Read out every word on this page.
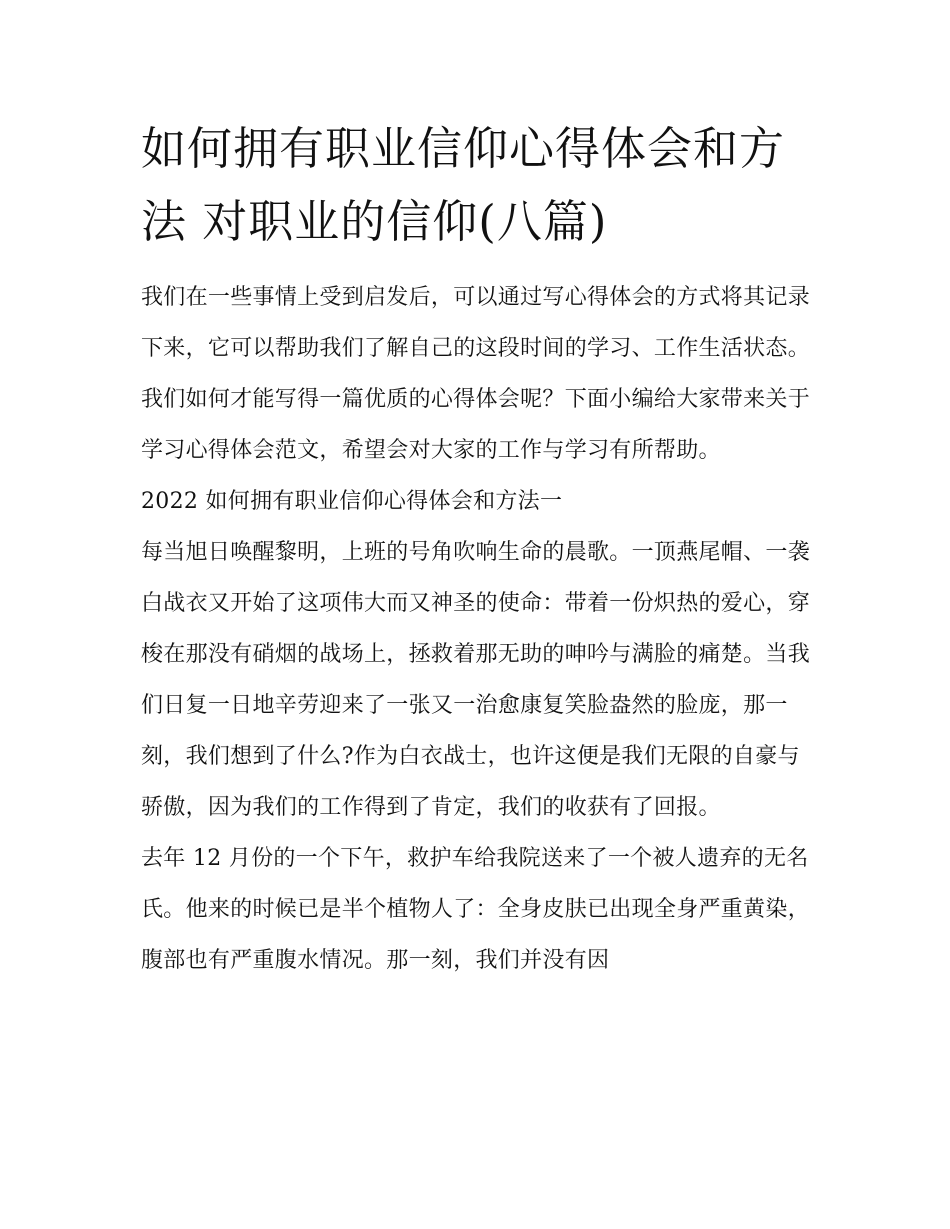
如何拥有职业信仰心得体会和方法 对职业的信仰(八篇)

我们在一些事情上受到启发后，可以通过写心得体会的方式将其记录下来，它可以帮助我们了解自己的这段时间的学习、工作生活状态。我们如何才能写得一篇优质的心得体会呢？下面小编给大家带来关于学习心得体会范文，希望会对大家的工作与学习有所帮助。

2022 如何拥有职业信仰心得体会和方法一

每当旭日唤醒黎明，上班的号角吹响生命的晨歌。一顶燕尾帽、一袭白战衣又开始了这项伟大而又神圣的使命：带着一份炽热的爱心，穿梭在那没有硝烟的战场上，拯救着那无助的呻吟与满脸的痛楚。当我们日复一日地辛劳迎来了一张又一治愈康复笑脸盎然的脸庞，那一刻，我们想到了什么?作为白衣战士，也许这便是我们无限的自豪与骄傲，因为我们的工作得到了肯定，我们的收获有了回报。

去年 12 月份的一个下午，救护车给我院送来了一个被人遗弃的无名氏。他来的时候已是半个植物人了：全身皮肤已出现全身严重黄染，腹部也有严重腹水情况。那一刻，我们并没有因
